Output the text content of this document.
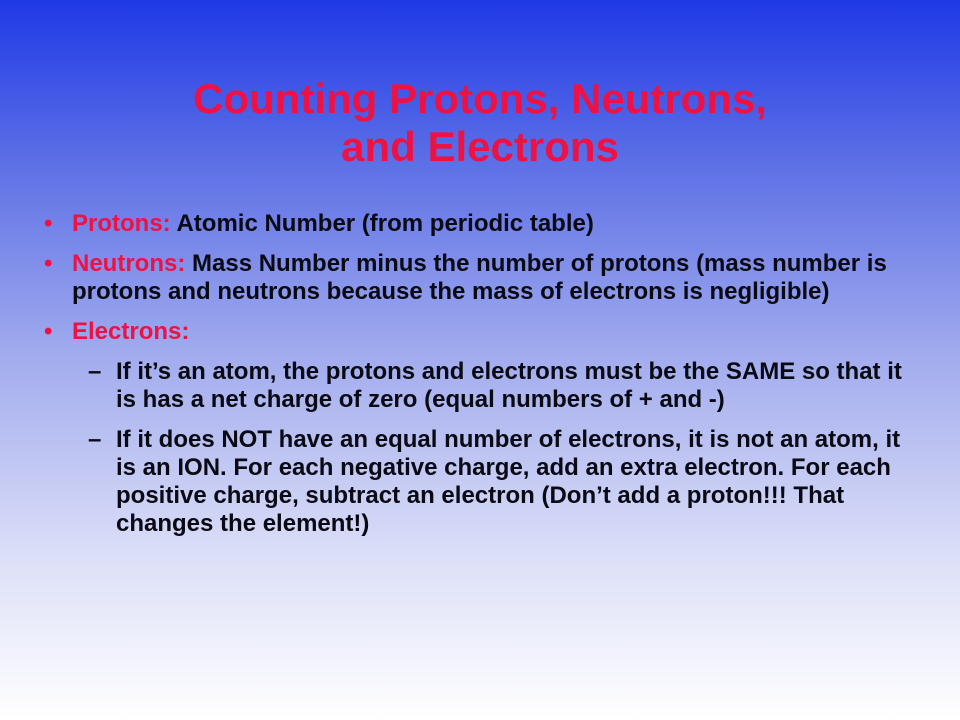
Counting Protons, Neutrons,
and Electrons
• Protons: Atomic Number (from periodic table)
• Neutrons: Mass Number minus the number of protons (mass number is protons and neutrons because the mass of electrons is negligible)
• Electrons:
– If it’s an atom, the protons and electrons must be the SAME so that it is has a net charge of zero (equal numbers of + and -)
– If it does NOT have an equal number of electrons, it is not an atom, it is an ION. For each negative charge, add an extra electron. For each positive charge, subtract an electron (Don’t add a proton!!! That changes the element!)
